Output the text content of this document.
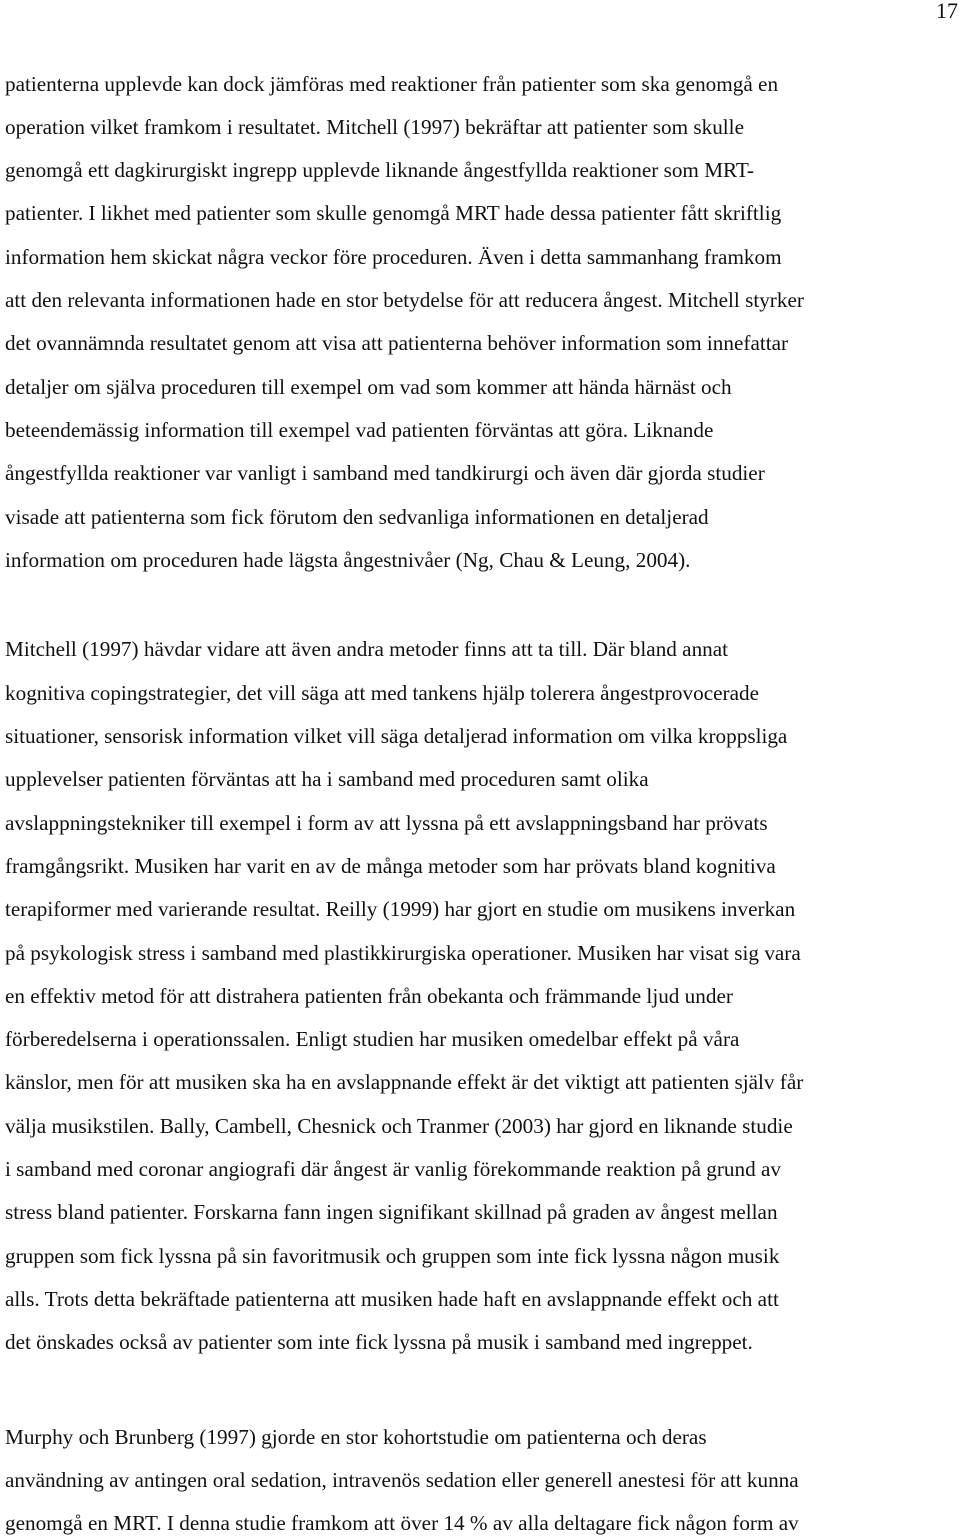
17
patienterna upplevde kan dock jämföras med reaktioner från patienter som ska genomgå en
operation vilket framkom i resultatet. Mitchell (1997) bekräftar att patienter som skulle
genomgå ett dagkirurgiskt ingrepp upplevde liknande ångestfyllda reaktioner som MRT-
patienter. I likhet med patienter som skulle genomgå MRT hade dessa patienter fått skriftlig
information hem skickat några veckor före proceduren. Även i detta sammanhang framkom
att den relevanta informationen hade en stor betydelse för att reducera ångest. Mitchell styrker
det ovannämnda resultatet genom att visa att patienterna behöver information som innefattar
detaljer om själva proceduren till exempel om vad som kommer att hända härnäst och
beteendemässig information till exempel vad patienten förväntas att göra. Liknande
ångestfyllda reaktioner var vanligt i samband med tandkirurgi och även där gjorda studier
visade att patienterna som fick förutom den sedvanliga informationen en detaljerad
information om proceduren hade lägsta ångestnivåer (Ng, Chau & Leung, 2004).
Mitchell (1997) hävdar vidare att även andra metoder finns att ta till. Där bland annat
kognitiva copingstrategier, det vill säga att med tankens hjälp tolerera ångestprovocerade
situationer, sensorisk information vilket vill säga detaljerad information om vilka kroppsliga
upplevelser patienten förväntas att ha i samband med proceduren samt olika
avslappningstekniker till exempel i form av att lyssna på ett avslappningsband har prövats
framgångsrikt. Musiken har varit en av de många metoder som har prövats bland kognitiva
terapiformer med varierande resultat. Reilly (1999) har gjort en studie om musikens inverkan
på psykologisk stress i samband med plastikkirurgiska operationer. Musiken har visat sig vara
en effektiv metod för att distrahera patienten från obekanta och främmande ljud under
förberedelserna i operationssalen. Enligt studien har musiken omedelbar effekt på våra
känslor, men för att musiken ska ha en avslappnande effekt är det viktigt att patienten själv får
välja musikstilen. Bally, Cambell, Chesnick och Tranmer (2003) har gjord en liknande studie
i samband med coronar angiografi där ångest är vanlig förekommande reaktion på grund av
stress bland patienter. Forskarna fann ingen signifikant skillnad på graden av ångest mellan
gruppen som fick lyssna på sin favoritmusik och gruppen som inte fick lyssna någon musik
alls. Trots detta bekräftade patienterna att musiken hade haft en avslappnande effekt och att
det önskades också av patienter som inte fick lyssna på musik i samband med ingreppet.
Murphy och Brunberg (1997) gjorde en stor kohortstudie om patienterna och deras
användning av antingen oral sedation, intravenös sedation eller generell anestesi för att kunna
genomgå en MRT. I denna studie framkom att över 14 % av alla deltagare fick någon form av
